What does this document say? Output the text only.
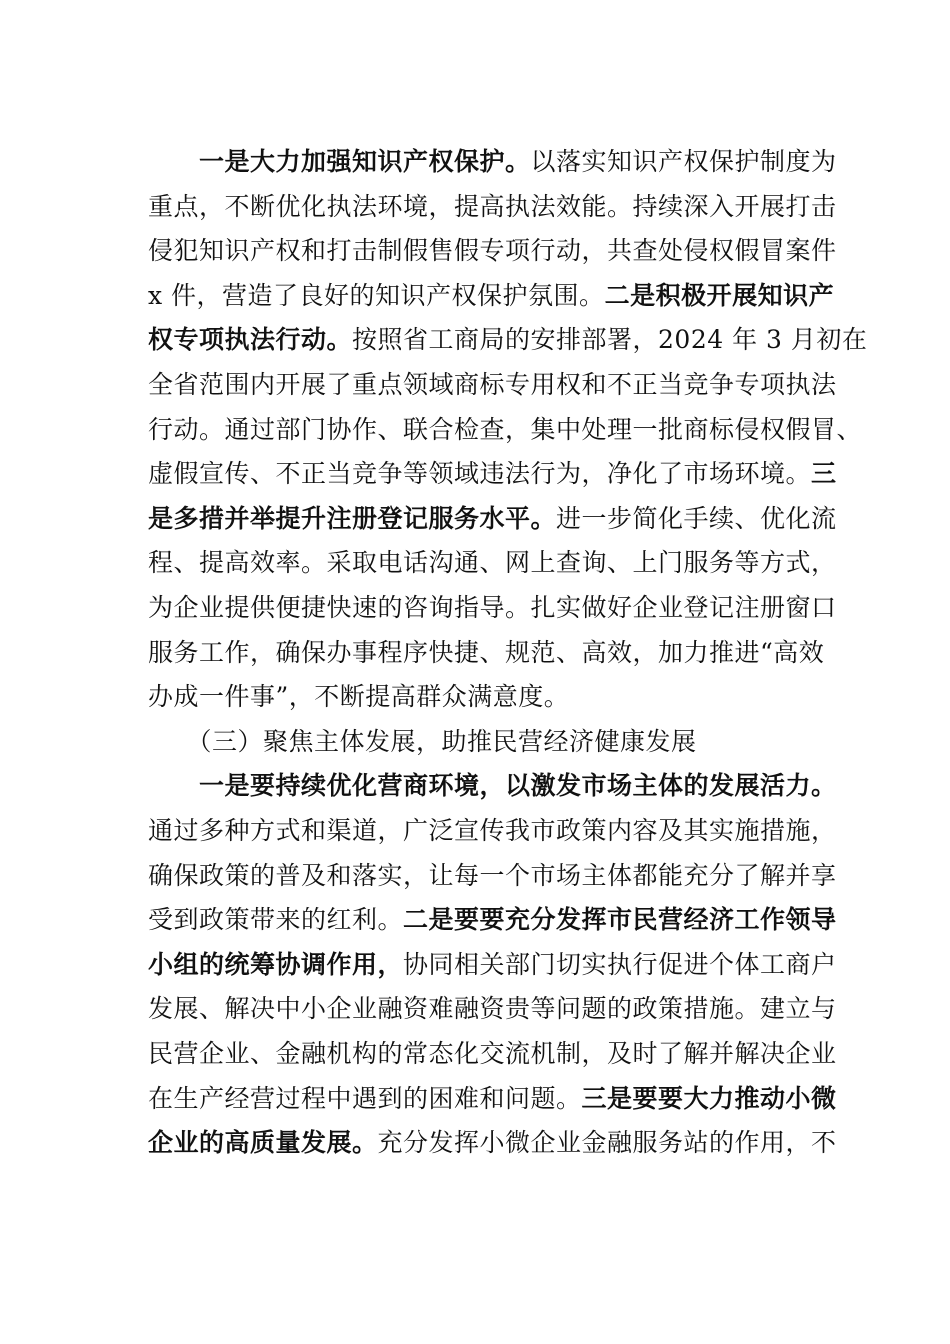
　　一是大力加强知识产权保护。以落实知识产权保护制度为
重点，不断优化执法环境，提高执法效能。持续深入开展打击
侵犯知识产权和打击制假售假专项行动，共查处侵权假冒案件
x 件，营造了良好的知识产权保护氛围。二是积极开展知识产
权专项执法行动。按照省工商局的安排部署，2024 年 3 月初在
全省范围内开展了重点领域商标专用权和不正当竞争专项执法
行动。通过部门协作、联合检查，集中处理一批商标侵权假冒、
虚假宣传、不正当竞争等领域违法行为，净化了市场环境。三
是多措并举提升注册登记服务水平。进一步简化手续、优化流
程、提高效率。采取电话沟通、网上查询、上门服务等方式，
为企业提供便捷快速的咨询指导。扎实做好企业登记注册窗口
服务工作，确保办事程序快捷、规范、高效，加力推进“高效
办成一件事”，不断提高群众满意度。
　　（三）聚焦主体发展，助推民营经济健康发展
　　一是要持续优化营商环境，以激发市场主体的发展活力。
通过多种方式和渠道，广泛宣传我市政策内容及其实施措施，
确保政策的普及和落实，让每一个市场主体都能充分了解并享
受到政策带来的红利。二是要要充分发挥市民营经济工作领导
小组的统筹协调作用，协同相关部门切实执行促进个体工商户
发展、解决中小企业融资难融资贵等问题的政策措施。建立与
民营企业、金融机构的常态化交流机制，及时了解并解决企业
在生产经营过程中遇到的困难和问题。三是要要大力推动小微
企业的高质量发展。充分发挥小微企业金融服务站的作用，不
